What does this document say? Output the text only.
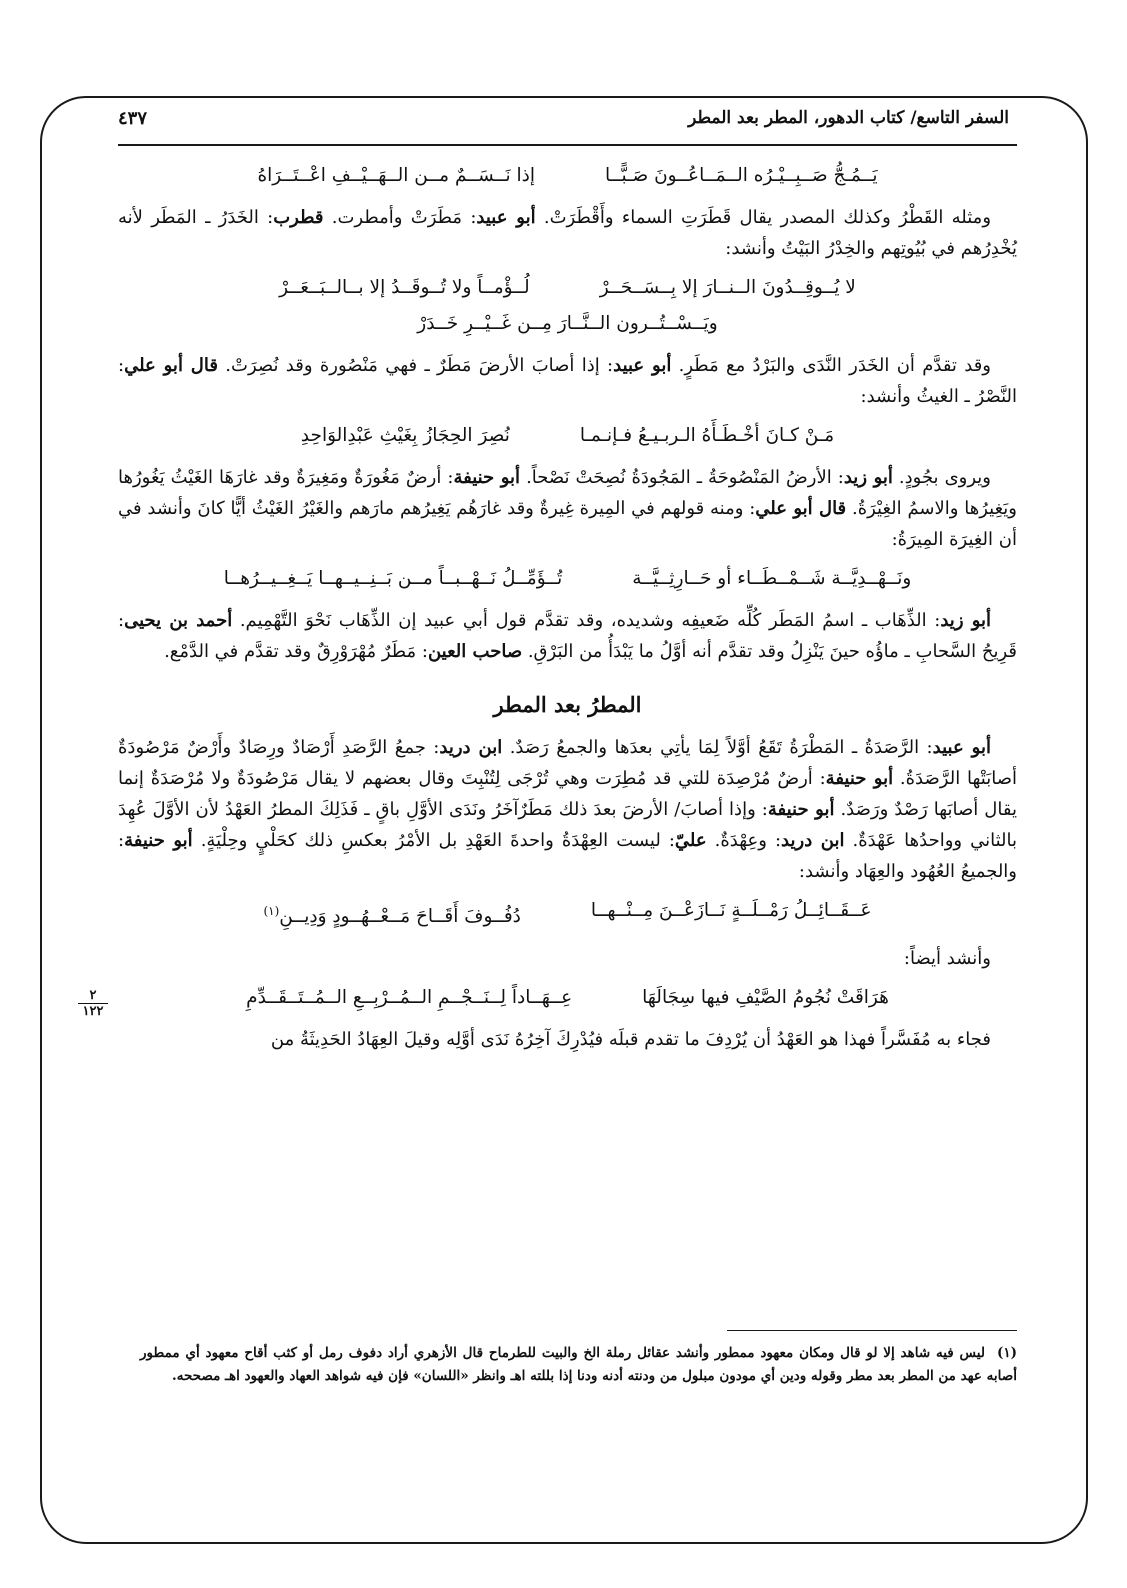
السفر التاسع/ كتاب الدهور، المطر بعد المطر
٤٣٧
يَــمُـجُّ صَــبِــيْـرُه الــمَــاعُــونَ صَـبًّــا
إذا نَــسَــمٌ مــن الــهَــيْــفِ اعْــتَــرَاهُ

ومثله القَطْرُ وكذلك المصدر يقال قَطَرَتِ السماء وأَقْطَرَتْ. أبو عبيد: مَطَرَتْ وأمطرت. قطرب: الخَدَرُ ـ المَطَر لأنه يُخْدِرُهم في بُيُوتِهم والخِدْرُ البَيْتُ وأنشد:

لا يُــوقِــدُونَ الــنــارَ إلا بِــسَــحَــرْ
لُــؤْمــاً ولا تُــوقَــدُ إلا بــالــبَــعَــرْ
ويَــسْــتُــرون الــنَّــارَ مِــن غَــيْــرِ خَــدَرْ

وقد تقدَّم أن الخَدَر النَّدَى والبَرْدُ مع مَطَرٍ. أبو عبيد: إذا أصابَ الأرضَ مَطَرٌ ـ فهي مَنْصُورة وقد نُصِرَتْ. قال أبو علي: النَّصْرُ ـ الغيثُ وأنشد:

مَـنْ كـانَ أخْـطَـأَهُ الـربـيـعُ فـإنـمـا
نُصِرَ الحِجَازُ بِغَيْثِ عَبْدِالوَاحِدِ

ويروى بجُودٍ. أبو زيد: الأرضُ المَنْصُوحَةُ ـ المَجُودَةُ نُصِحَتْ نَصْحاً. أبو حنيفة: أرضٌ مَغُورَةٌ ومَغِيرَةٌ وقد غارَهَا الغَيْثُ يَغُورُها ويَغِيرُها والاسمُ الغِيْرَةُ. قال أبو علي: ومنه قولهم في المِيرة غِيرةٌ وقد غارَهُم يَغِيرُهم مارَهم والغَيْرُ الغَيْثُ أيًّا كانَ وأنشد في أن الغِيرَة المِيرَةُ:

ونَــهْــدِيَّــة شَــمْــطَــاء أو حَــارِثِــيَّــة
تُــؤَمِّــلُ نَــهْــبــاً مــن بَــنِــيــهــا يَــغِــيــرُهــا

أبو زيد: الذِّهَاب ـ اسمُ المَطَر كُلِّه ضَعيفِه وشديده، وقد تقدَّم قول أبي عبيد إن الذِّهَاب نَحْوَ التَّهْمِيم. أحمد بن يحيى: قَرِيحُ السَّحابِ ـ ماؤُه حينَ يَنْزِلُ وقد تقدَّم أنه أوَّلُ ما يَبْدَأُ من البَرْقِ. صاحب العين: مَطَرٌ مُهْرَوْرِقٌ وقد تقدَّم في الدَّمْع.

المطرُ بعد المطر

أبو عبيد: الرَّصَدَةُ ـ المَطْرَةُ تَقَعُ أوَّلاً لِمَا يأتِي بعدَها والجمعُ رَصَدٌ. ابن دريد: جمعُ الرَّصَدِ أَرْصَادٌ ورِصَادٌ وأَرْضٌ مَرْصُودَةٌ أصابَتْها الرَّصَدَةُ. أبو حنيفة: أرضٌ مُرْصِدَة للتي قد مُطِرَت وهي تُرْجَى لِتُنْبِتَ وقال بعضهم لا يقال مَرْصُودَةٌ ولا مُرْصَدَةٌ إنما يقال أصابَها رَصْدٌ ورَصَدٌ. أبو حنيفة: وإذا أصابَ/ الأرضَ بعدَ ذلك مَطَرٌآخَرُ ونَدَى الأوَّلِ باقٍ ـ فَذَلِكَ المطرُ العَهْدُ لأن الأوَّلَ عُهِدَ بالثاني وواحدُها عَهْدَةٌ. ابن دريد: وعِهْدَةٌ. عليّ: ليست العِهْدَةُ واحدةَ العَهْدِ بل الأمْرُ بعكسِ ذلك كحَلْيٍ وحِلْيَةٍ. أبو حنيفة: والجميعُ العُهُود والعِهَاد وأنشد:

عَــقَــائِــلُ رَمْــلَــةٍ نَــازَعْــنَ مِــنْــهــا
دُفُــوفَ أَقَــاحَ مَــعْــهُــودٍ وَدِيــنِ$^{(١)}$

وأنشد أيضاً:

هَرَاقَتْ نُجُومُ الصَّيْفِ فيها سِجَالَهَا
عِــهَــاداً لِــنَــجْــمِ الــمُــرْبِــعِ الــمُــتَــقَــدِّمِ

فجاء به مُفَسَّراً فهذا هو العَهْدُ أن يُرْدِفَ ما تقدم قبلَه فيُدْرِكَ آخِرُهُ نَدَى أوَّلِه وقيلَ العِهَادُ الحَدِيثَةُ من

٢
١٢٢
(١)ليس فيه شاهد إلا لو قال ومكان معهود ممطور وأنشد عقائل رملة الخ والبيت للطرماح قال الأزهري أراد دفوف رمل أو كثب أقاح معهود أي ممطور أصابه عهد من المطر بعد مطر وقوله ودين أي مودون مبلول من ودنته أدنه ودنا إذا بللته اهـ وانظر «اللسان» فإن فيه شواهد العهاد والعهود اهـ مصححه.
